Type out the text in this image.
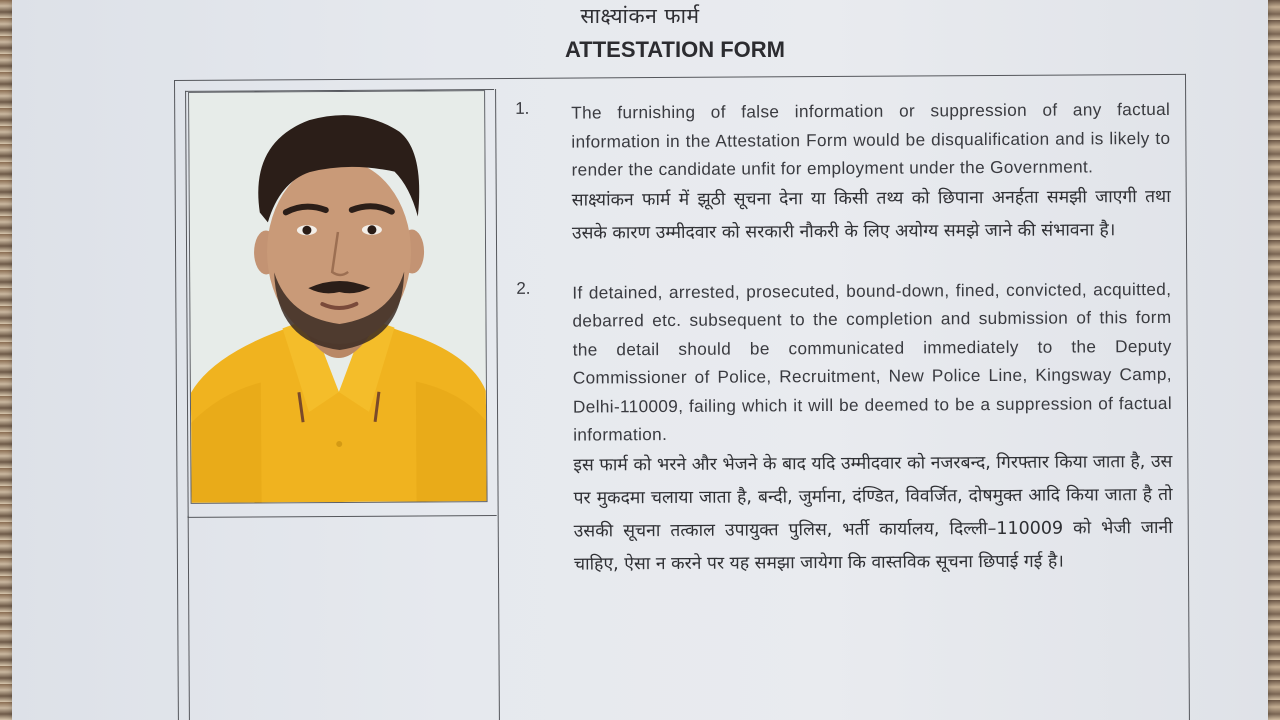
साक्ष्यांकन फार्म
ATTESTATION FORM
1. The furnishing of false information or suppression of any factual information in the Attestation Form would be disqualification and is likely to render the candidate unfit for employment under the Government.
साक्ष्यांकन फार्म में झूठी सूचना देना या किसी तथ्य को छिपाना अनर्हता समझी जाएगी तथा उसके कारण उम्मीदवार को सरकारी नौकरी के लिए अयोग्य समझे जाने की संभावना है।
2. If detained, arrested, prosecuted, bound-down, fined, convicted, acquitted, debarred etc. subsequent to the completion and submission of this form the detail should be communicated immediately to the Deputy Commissioner of Police, Recruitment, New Police Line, Kingsway Camp, Delhi-110009, failing which it will be deemed to be a suppression of factual information.
इस फार्म को भरने और भेजने के बाद यदि उम्मीदवार को नजरबन्द, गिरफ्तार किया जाता है, उस पर मुकदमा चलाया जाता है, बन्दी, जुर्माना, दंण्डित, विवर्जित, दोषमुक्त आदि किया जाता है तो उसकी सूचना तत्काल उपायुक्त पुलिस, भर्ती कार्यालय, दिल्ली–110009 को भेजी जानी चाहिए, ऐसा न करने पर यह समझा जायेगा कि वास्तविक सूचना छिपाई गई है।
